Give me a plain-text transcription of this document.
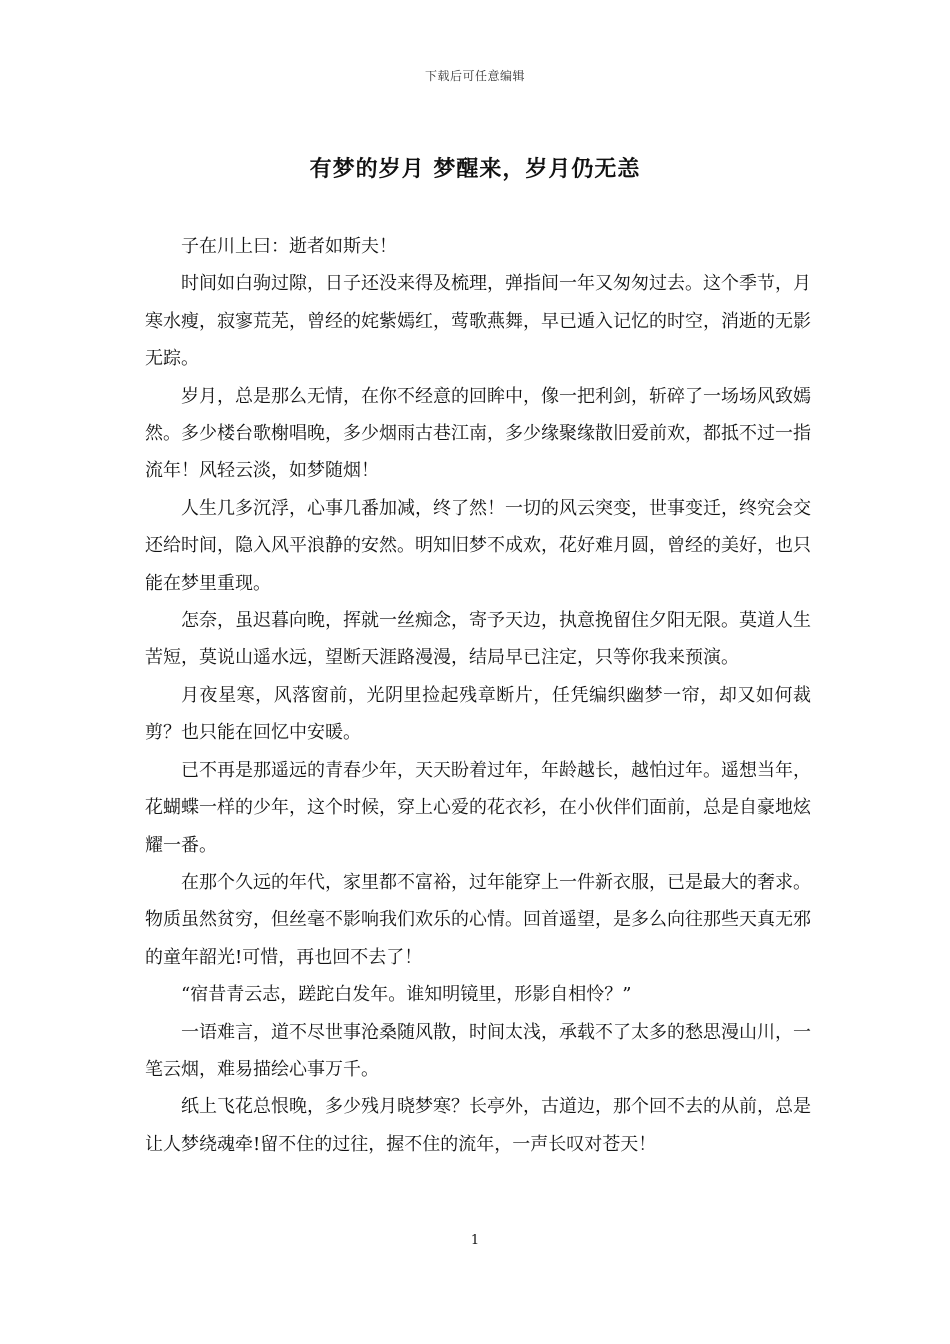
下载后可任意编辑
有梦的岁月 梦醒来，岁月仍无恙

子在川上曰：逝者如斯夫！

时间如白驹过隙，日子还没来得及梳理，弹指间一年又匆匆过去。这个季节，月寒水瘦，寂寥荒芜，曾经的姹紫嫣红，莺歌燕舞，早已遁入记忆的时空，消逝的无影无踪。

岁月，总是那么无情，在你不经意的回眸中，像一把利剑，斩碎了一场场风致嫣然。多少楼台歌榭唱晚，多少烟雨古巷江南，多少缘聚缘散旧爱前欢，都抵不过一指流年！风轻云淡，如梦随烟！

人生几多沉浮，心事几番加减，终了然！一切的风云突变，世事变迁，终究会交还给时间，隐入风平浪静的安然。明知旧梦不成欢，花好难月圆，曾经的美好，也只能在梦里重现。

怎奈，虽迟暮向晚，挥就一丝痴念，寄予天边，执意挽留住夕阳无限。莫道人生苦短，莫说山遥水远，望断天涯路漫漫，结局早已注定，只等你我来预演。

月夜星寒，风落窗前，光阴里捡起残章断片，任凭编织幽梦一帘，却又如何裁剪？也只能在回忆中安暖。

已不再是那遥远的青春少年，天天盼着过年，年龄越长，越怕过年。遥想当年，花蝴蝶一样的少年，这个时候，穿上心爱的花衣衫，在小伙伴们面前，总是自豪地炫耀一番。

在那个久远的年代，家里都不富裕，过年能穿上一件新衣服，已是最大的奢求。物质虽然贫穷，但丝毫不影响我们欢乐的心情。回首遥望，是多么向往那些天真无邪的童年韶光!可惜，再也回不去了！

“宿昔青云志，蹉跎白发年。谁知明镜里，形影自相怜？”

一语难言，道不尽世事沧桑随风散，时间太浅，承载不了太多的愁思漫山川，一笔云烟，难易描绘心事万千。

纸上飞花总恨晚，多少残月晓梦寒？长亭外，古道边，那个回不去的从前，总是让人梦绕魂牵!留不住的过往，握不住的流年，一声长叹对苍天！

1
